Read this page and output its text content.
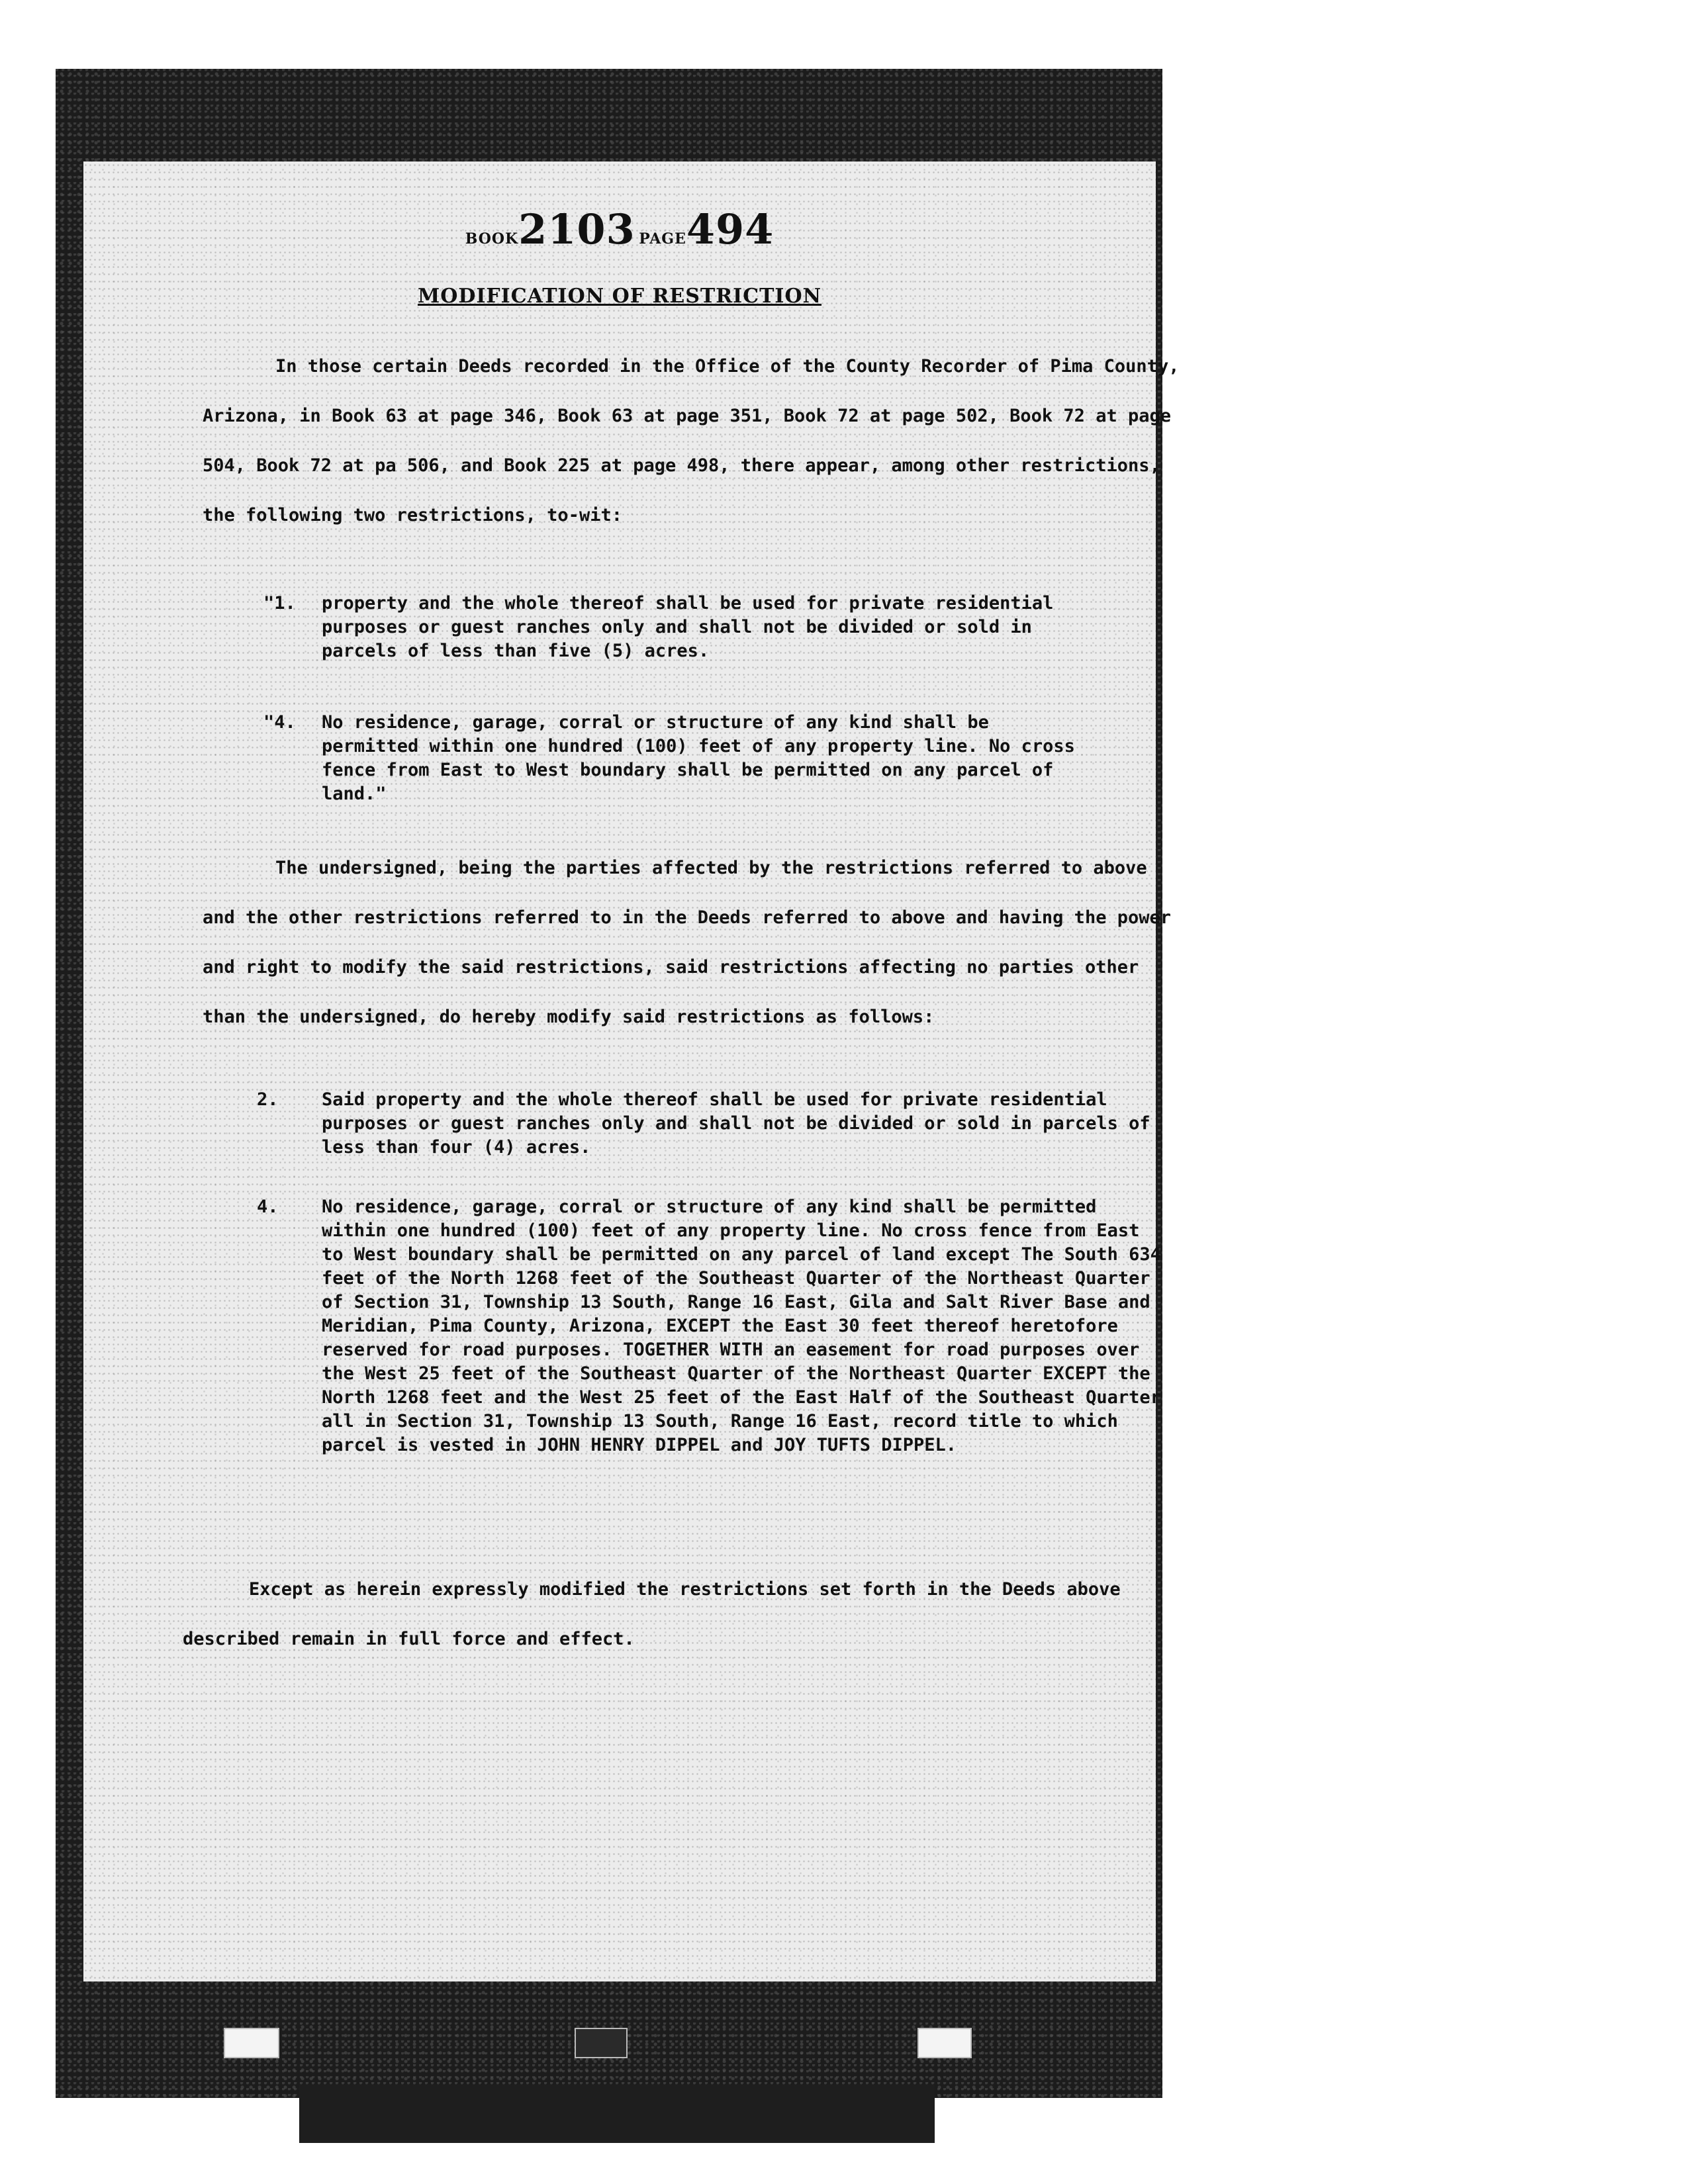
BOOK2103 PAGE494
MODIFICATION OF RESTRICTION

In those certain Deeds recorded in the Office of the County Recorder of Pima County, Arizona, in Book 63 at page 346, Book 63 at page 351, Book 72 at page 502, Book 72 at page 504, Book 72 at pa 506, and Book 225 at page 498, there appear, among other restrictions, the following two restrictions, to-wit:

"1. property and the whole thereof shall be used for private residential purposes or guest ranches only and shall not be divided or sold in parcels of less than five (5) acres.
"4. No residence, garage, corral or structure of any kind shall be permitted within one hundred (100) feet of any property line. No cross fence from East to West boundary shall be permitted on any parcel of land."

The undersigned, being the parties affected by the restrictions referred to above and the other restrictions referred to in the Deeds referred to above and having the power and right to modify the said restrictions, said restrictions affecting no parties other than the undersigned, do hereby modify said restrictions as follows:

2. Said property and the whole thereof shall be used for private residential purposes or guest ranches only and shall not be divided or sold in parcels of less than four (4) acres.
4. No residence, garage, corral or structure of any kind shall be permitted within one hundred (100) feet of any property line. No cross fence from East to West boundary shall be permitted on any parcel of land except The South 634 feet of the North 1268 feet of the Southeast Quarter of the Northeast Quarter of Section 31, Township 13 South, Range 16 East, Gila and Salt River Base and Meridian, Pima County, Arizona, EXCEPT the East 30 feet thereof heretofore reserved for road purposes. TOGETHER WITH an easement for road purposes over the West 25 feet of the Southeast Quarter of the Northeast Quarter EXCEPT the North 1268 feet and the West 25 feet of the East Half of the Southeast Quarter all in Section 31, Township 13 South, Range 16 East, record title to which parcel is vested in JOHN HENRY DIPPEL and JOY TUFTS DIPPEL.

Except as herein expressly modified the restrictions set forth in the Deeds above described remain in full force and effect.
